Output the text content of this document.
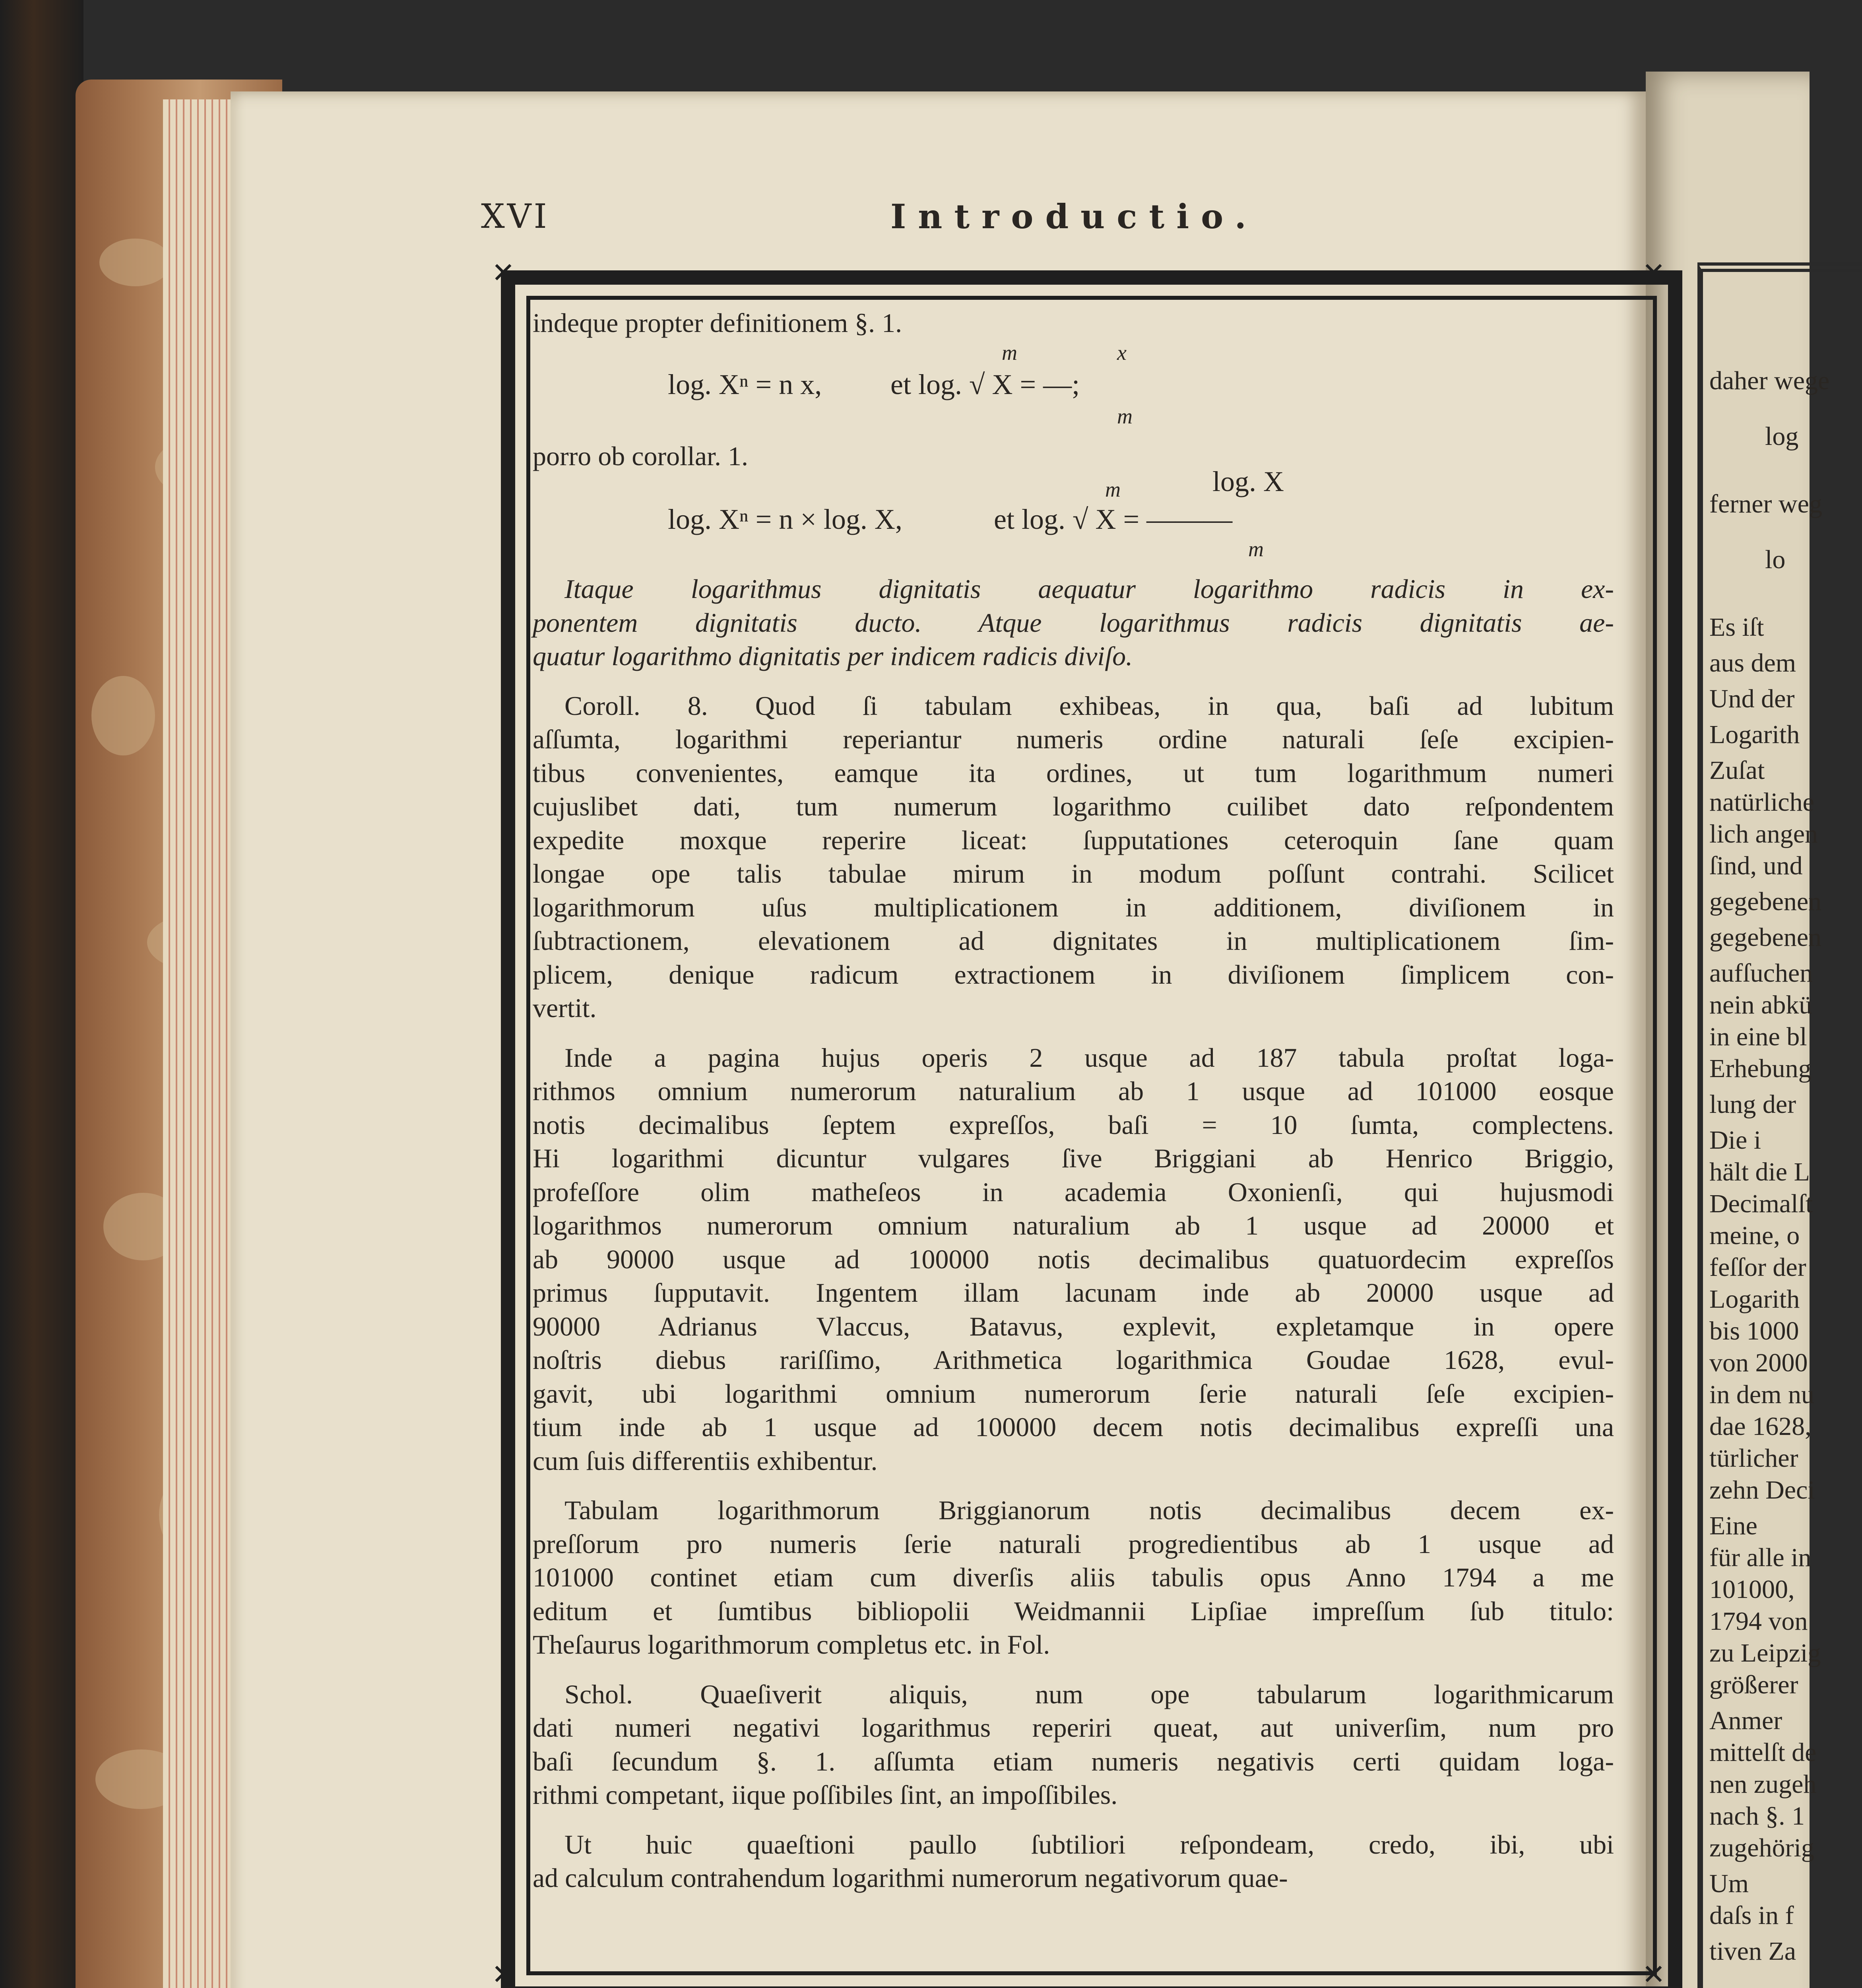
daher wege
log
ferner weg
lo
Es iſt
aus dem
Und der
Logarith
Zuſat
natürliche
lich angen
ſind, und
gegebenen
gegebenen
aufſuchen
nein abkü
in eine bl
Erhebung
lung der
Die i
hält die L
Decimalſt
meine, o
feſſor der
Logarith
bis 1000
von 2000
in dem nu
dae 1628,
türlicher
zehn Deci
Eine
für alle in
101000,
1794 von
zu Leipzig
größerer
Anmer
mittelſt de
nen zugeh
nach §. 1
zugehörig
Um
daſs in f
tiven Za
XVI	Introductio.
✕	✕
✕	✕
indeque propter definitionem §. 1.
m	x
log. Xⁿ = n x, et log. √ X = —;
m
porro ob corollar. 1.
m	log. X
log. Xⁿ = n × log. X,	et log. √ X = ———
m
Itaque logarithmus dignitatis aequatur logarithmo radicis in ex-
ponentem dignitatis ducto. Atque logarithmus radicis dignitatis ae-
quatur logarithmo dignitatis per indicem radicis diviſo.
Coroll. 8. Quod ſi tabulam exhibeas, in qua, baſi ad lubitum
aſſumta, logarithmi reperiantur numeris ordine naturali ſeſe excipien-
tibus convenientes, eamque ita ordines, ut tum logarithmum numeri
cujuslibet dati, tum numerum logarithmo cuilibet dato reſpondentem
expedite moxque reperire liceat: ſupputationes ceteroquin ſane quam
longae ope talis tabulae mirum in modum poſſunt contrahi. Scilicet
logarithmorum uſus multiplicationem in additionem, diviſionem in
ſubtractionem, elevationem ad dignitates in multiplicationem ſim-
plicem, denique radicum extractionem in diviſionem ſimplicem con-
vertit.
Inde a pagina hujus operis 2 usque ad 187 tabula proſtat loga-
rithmos omnium numerorum naturalium ab 1 usque ad 101000 eosque
notis decimalibus ſeptem expreſſos, baſi = 10 ſumta, complectens.
Hi logarithmi dicuntur vulgares ſive Briggiani ab Henrico Briggio,
profeſſore olim matheſeos in academia Oxonienſi, qui hujusmodi
logarithmos numerorum omnium naturalium ab 1 usque ad 20000 et
ab 90000 usque ad 100000 notis decimalibus quatuordecim expreſſos
primus ſupputavit. Ingentem illam lacunam inde ab 20000 usque ad
90000 Adrianus Vlaccus, Batavus, explevit, expletamque in opere
noſtris diebus rariſſimo, Arithmetica logarithmica Goudae 1628, evul-
gavit, ubi logarithmi omnium numerorum ſerie naturali ſeſe excipien-
tium inde ab 1 usque ad 100000 decem notis decimalibus expreſſi una
cum ſuis differentiis exhibentur.
Tabulam logarithmorum Briggianorum notis decimalibus decem ex-
preſſorum pro numeris ſerie naturali progredientibus ab 1 usque ad
101000 continet etiam cum diverſis aliis tabulis opus Anno 1794 a me
editum et ſumtibus bibliopolii Weidmannii Lipſiae impreſſum ſub titulo:
Theſaurus logarithmorum completus etc. in Fol.
Schol. Quaeſiverit aliquis, num ope tabularum logarithmicarum
dati numeri negativi logarithmus reperiri queat, aut univerſim, num pro
baſi ſecundum §. 1. aſſumta etiam numeris negativis certi quidam loga-
rithmi competant, iique poſſibiles ſint, an impoſſibiles.
Ut huic quaeſtioni paullo ſubtiliori reſpondeam, credo, ibi, ubi
ad calculum contrahendum logarithmi numerorum negativorum quae-
